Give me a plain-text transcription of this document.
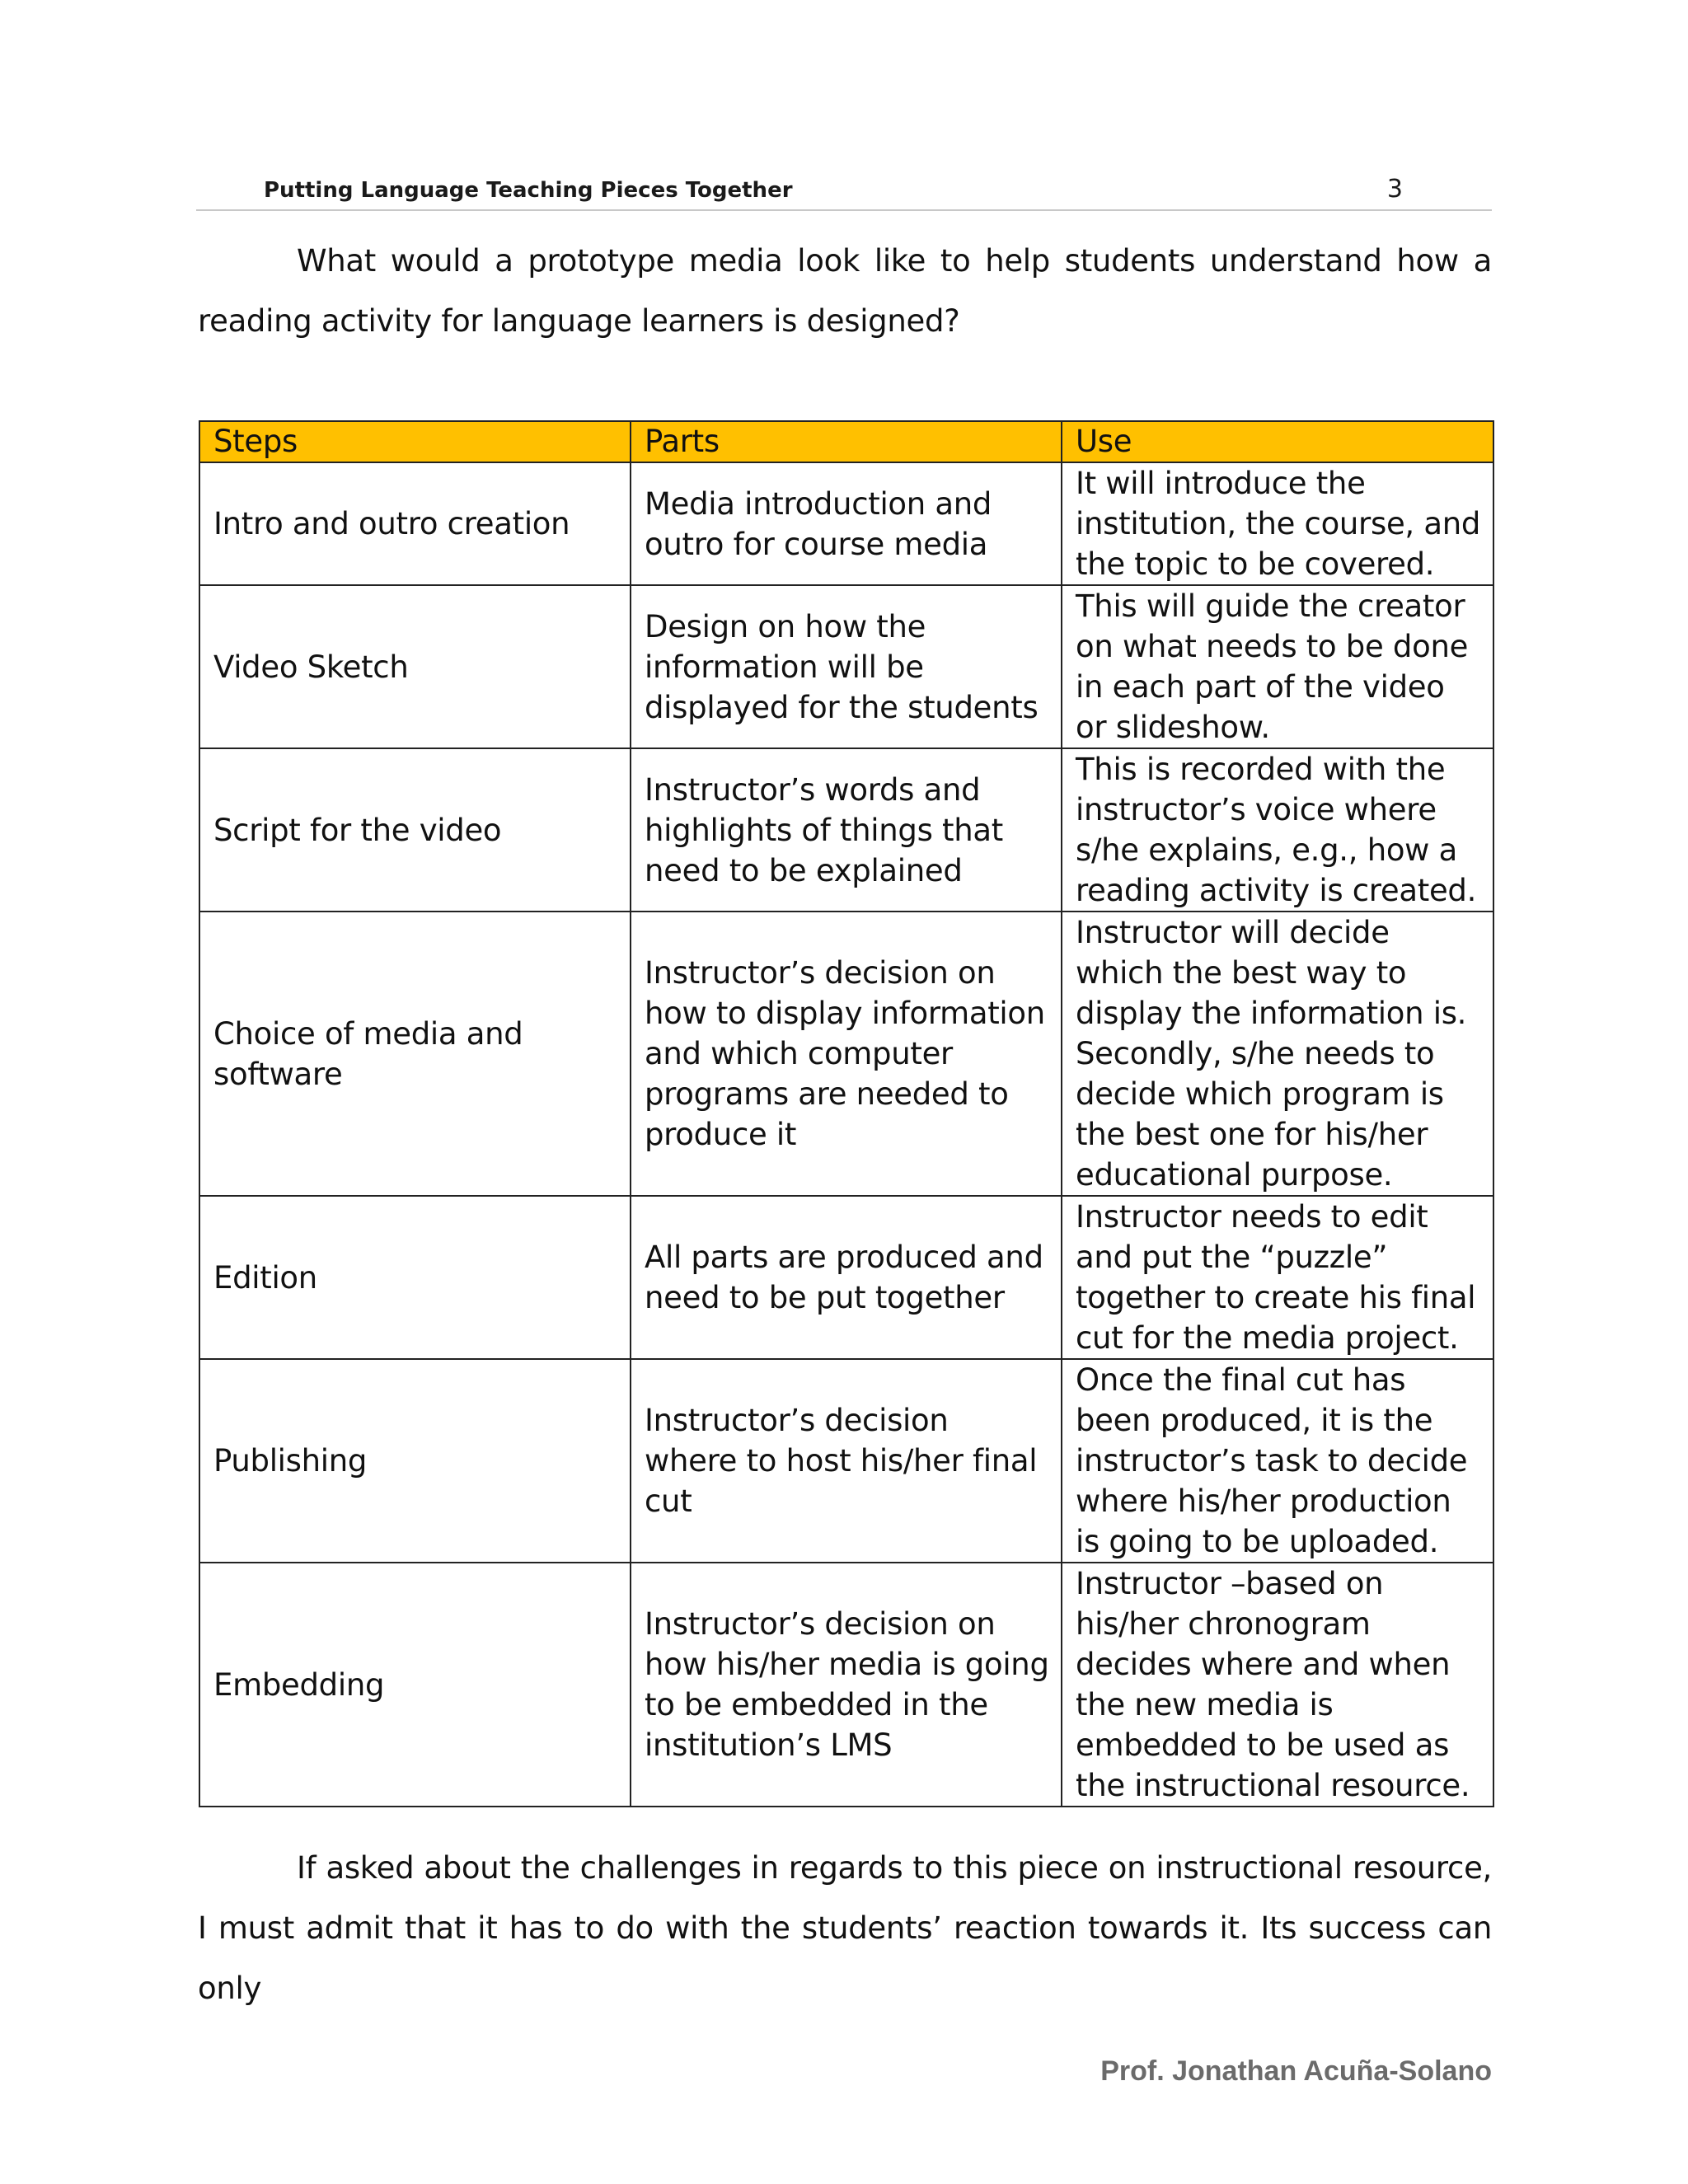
Putting Language Teaching Pieces Together	3

What would a prototype media look like to help students understand how a reading activity for language learners is designed?

Steps	Parts	Use
Intro and outro creation	Media introduction and outro for course media	It will introduce the institution, the course, and the topic to be covered.
Video Sketch	Design on how the information will be displayed for the students	This will guide the creator on what needs to be done in each part of the video or slideshow.
Script for the video	Instructor’s words and highlights of things that need to be explained	This is recorded with the instructor’s voice where s/he explains, e.g., how a reading activity is created.
Choice of media and software	Instructor’s decision on how to display information and which computer programs are needed to produce it	Instructor will decide which the best way to display the information is. Secondly, s/he needs to decide which program is the best one for his/her educational purpose.
Edition	All parts are produced and need to be put together	Instructor needs to edit and put the “puzzle” together to create his final cut for the media project.
Publishing	Instructor’s decision where to host his/her final cut	Once the final cut has been produced, it is the instructor’s task to decide where his/her production is going to be uploaded.
Embedding	Instructor’s decision on how his/her media is going to be embedded in the institution’s LMS	Instructor –based on his/her chronogram decides where and when the new media is embedded to be used as the instructional resource.

If asked about the challenges in regards to this piece on instructional resource, I must admit that it has to do with the students’ reaction towards it. Its success can only

Prof. Jonathan Acuña-Solano
